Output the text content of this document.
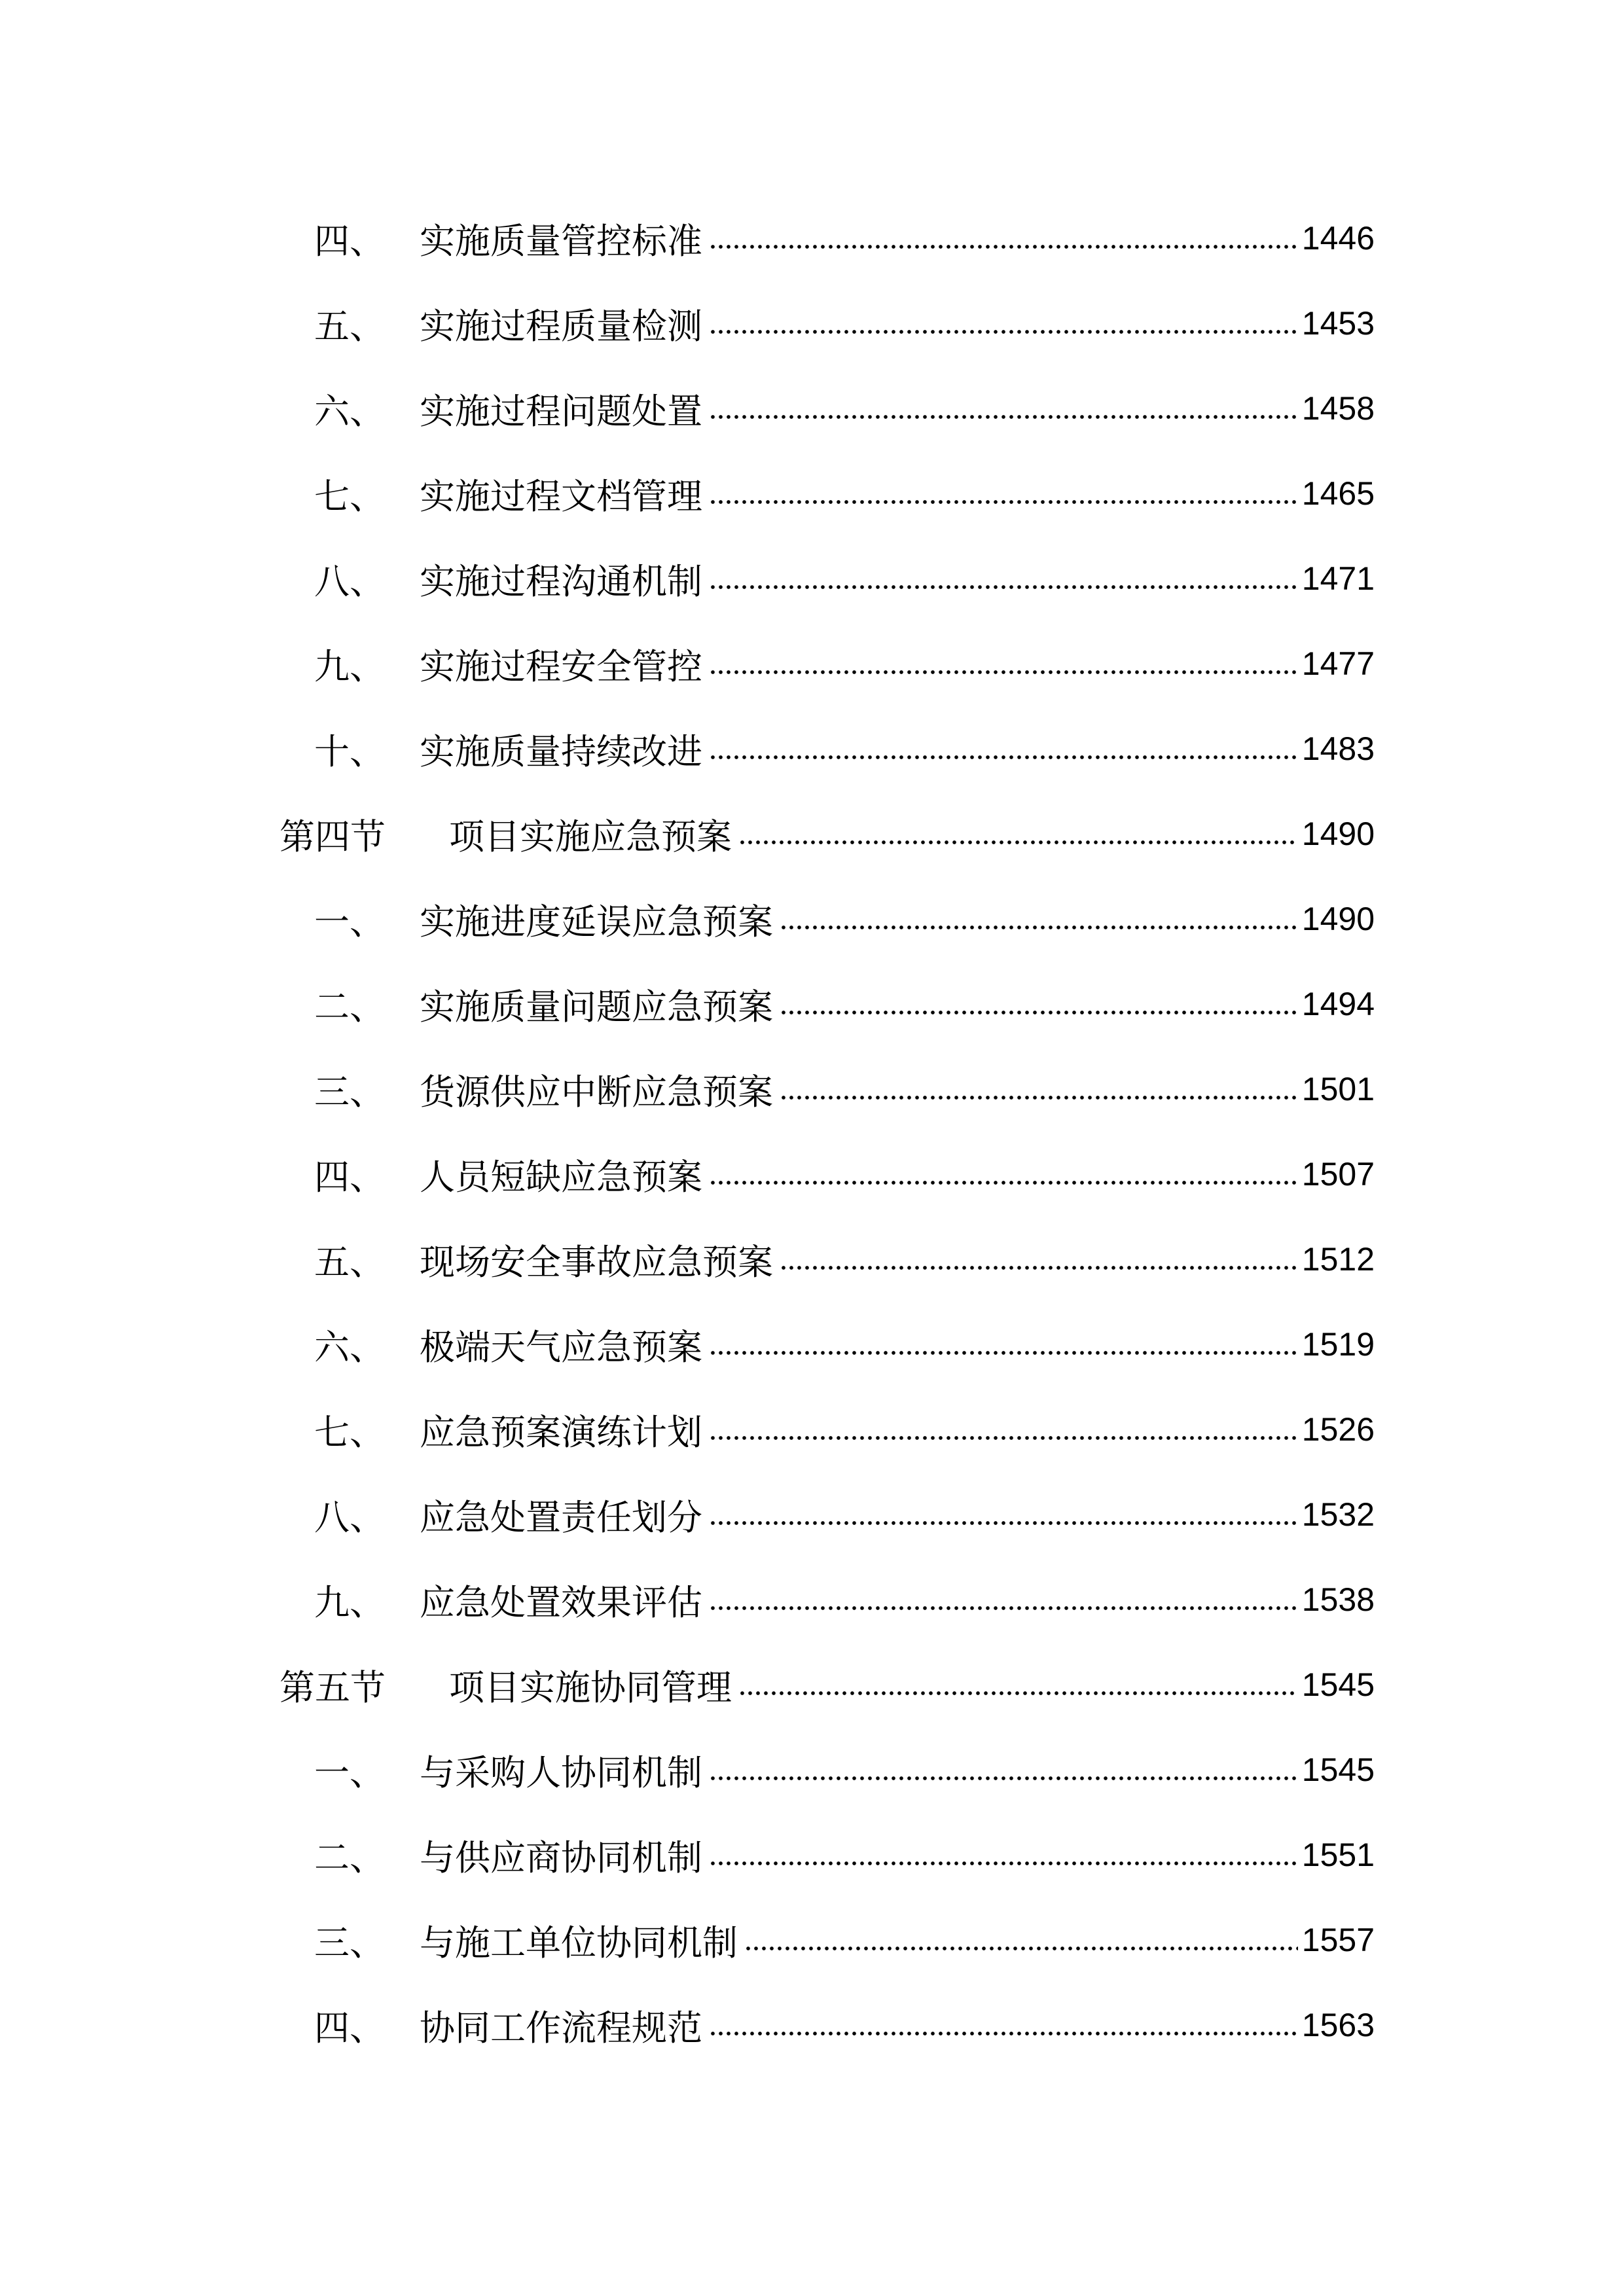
四、 实施质量管控标准	1446
五、 实施过程质量检测	1453
六、 实施过程问题处置	1458
七、 实施过程文档管理	1465
八、 实施过程沟通机制	1471
九、 实施过程安全管控	1477
十、 实施质量持续改进	1483
第四节 项目实施应急预案	1490
一、 实施进度延误应急预案	1490
二、 实施质量问题应急预案	1494
三、 货源供应中断应急预案	1501
四、 人员短缺应急预案	1507
五、 现场安全事故应急预案	1512
六、 极端天气应急预案	1519
七、 应急预案演练计划	1526
八、 应急处置责任划分	1532
九、 应急处置效果评估	1538
第五节 项目实施协同管理	1545
一、 与采购人协同机制	1545
二、 与供应商协同机制	1551
三、 与施工单位协同机制	1557
四、 协同工作流程规范	1563
